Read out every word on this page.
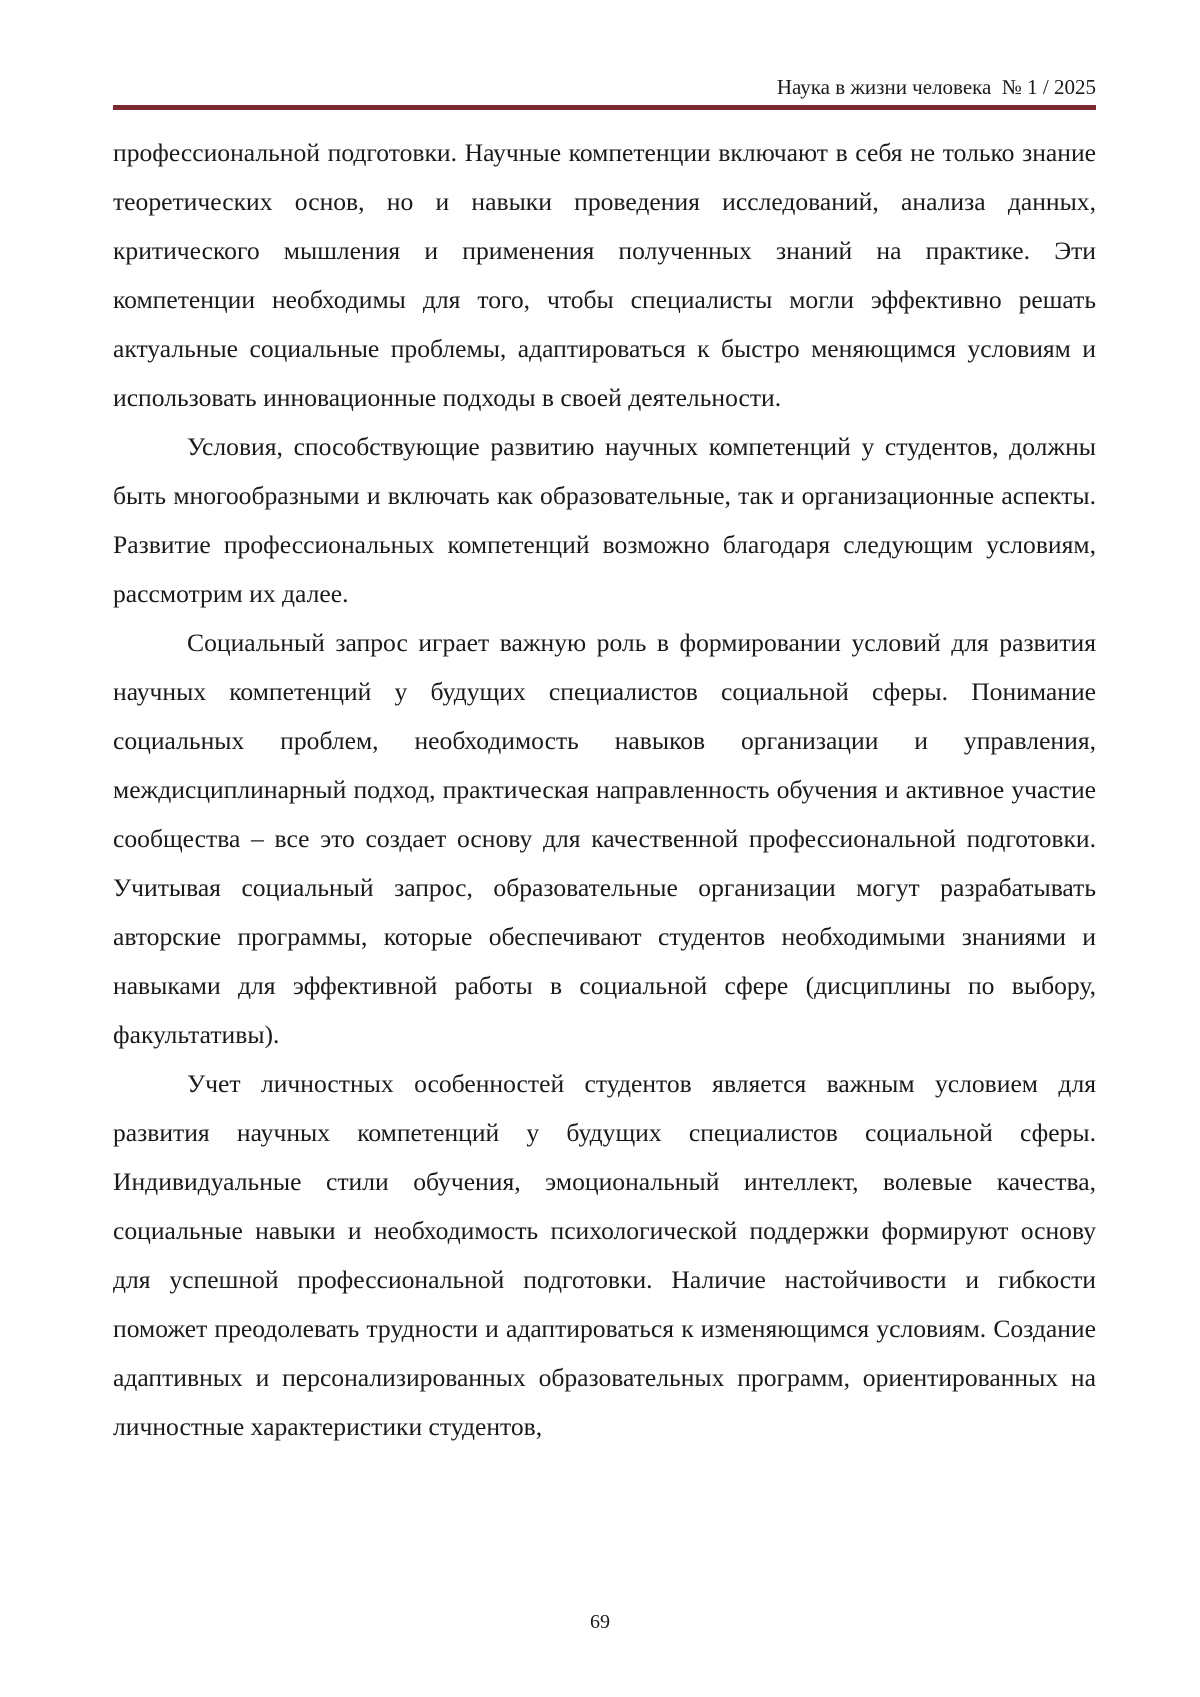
Наука в жизни человека № 1 / 2025

профессиональной подготовки. Научные компетенции включают в себя не только знание теоретических основ, но и навыки проведения исследований, анализа данных, критического мышления и применения полученных знаний на практике. Эти компетенции необходимы для того, чтобы специалисты могли эффективно решать актуальные социальные проблемы, адаптироваться к быстро меняющимся условиям и использовать инновационные подходы в своей деятельности.

Условия, способствующие развитию научных компетенций у студентов, должны быть многообразными и включать как образовательные, так и организационные аспекты. Развитие профессиональных компетенций возможно благодаря следующим условиям, рассмотрим их далее.

Социальный запрос играет важную роль в формировании условий для развития научных компетенций у будущих специалистов социальной сферы. Понимание социальных проблем, необходимость навыков организации и управления, междисциплинарный подход, практическая направленность обучения и активное участие сообщества – все это создает основу для качественной профессиональной подготовки. Учитывая социальный запрос, образовательные организации могут разрабатывать авторские программы, которые обеспечивают студентов необходимыми знаниями и навыками для эффективной работы в социальной сфере (дисциплины по выбору, факультативы).

Учет личностных особенностей студентов является важным условием для развития научных компетенций у будущих специалистов социальной сферы. Индивидуальные стили обучения, эмоциональный интеллект, волевые качества, социальные навыки и необходимость психологической поддержки формируют основу для успешной профессиональной подготовки. Наличие настойчивости и гибкости поможет преодолевать трудности и адаптироваться к изменяющимся условиям. Создание адаптивных и персонализированных образовательных программ, ориентированных на личностные характеристики студентов,

69
